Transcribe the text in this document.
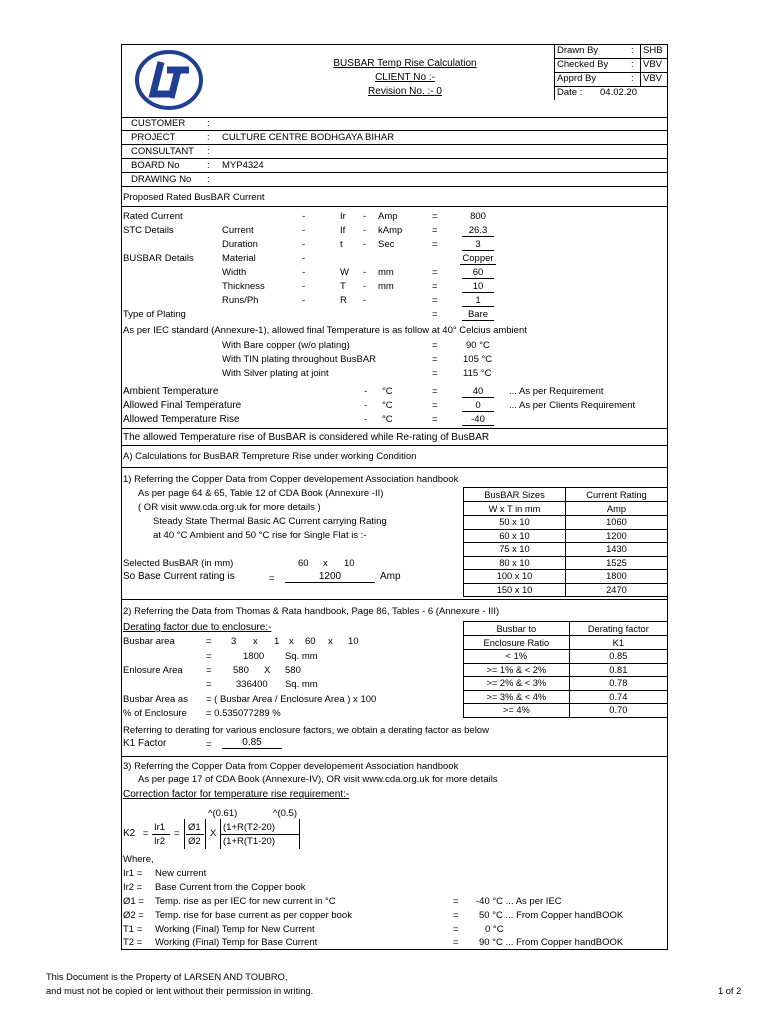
BUSBAR Temp Rise Calculation
CLIENT No :-
Revision No. :- 0
Drawn By	: SHB
Checked By : VBV
Apprd By	: VBV
Date : 04.02.20
CUSTOMER :
PROJECT	: CULTURE CENTRE BODHGAYA BIHAR
CONSULTANT :
BOARD No	: MYP4324
DRAWING No :
Proposed Rated BusBAR Current
Rated Current	-	Ir - Amp	=	800
STC Details	Current	-	If - kAmp	=	26.3
Duration	-	t - Sec	=	3
BUSBAR Details	Material	-	Copper
Width	-	W - mm	=	60
Thickness	-	T - mm	=	10
Runs/Ph	-	R -	=	1
Type of Plating	=	Bare
As per IEC standard (Annexure-1), allowed final Temperature is as follow at 40° Celcius ambient
With Bare copper (w/o plating)	=	90 °C
With TIN plating throughout BusBAR	=	105 °C
With Silver plating at joint	=	115 °C
Ambient Temperature	- °C	=	40	... As per Requirement
Allowed Final Temperature	- °C	=	0	... As per Clients Requirement
Allowed Temperature Rise	- °C	=	-40
The allowed Temperature rise of BusBAR is considered while Re-rating of BusBAR
A) Calculations for BusBAR Tempreture Rise under working Condition
1) Referring the Copper Data from Copper developement Association handbook
As per page 64 & 65, Table 12 of CDA Book (Annexure -II)
( OR visit www.cda.org.uk for more details )
Steady State Thermal Basic AC Current carrying Rating
at 40 °C Ambient and 50 °C rise for Single Flat is :-
Selected BusBAR (in mm)	60 x 10
So Base Current rating is	=	1200	Amp
BusBAR Sizes	Current Rating
W x T in mm	Amp
50 x 10	1060
60 x 10	1200
75 x 10	1430
80 x 10	1525
100 x 10	1800
150 x 10	2470
2) Referring the Data from Thomas & Rata handbook, Page 86, Tables - 6 (Annexure - III)
Derating factor due to enclosure:-
Busbar area	= 3 x 1 x 60 x 10
=	1800 Sq. mm
Enlosure Area = 580 X 580
=	336400 Sq. mm
Busbar Area as = ( Busbar Area / Enclosure Area ) x 100
% of Enclosure = 0.535077289 %
Busbar to	Derating factor
Enclosure Ratio	K1
< 1%	0.85
>= 1% & < 2%	0.81
>= 2% & < 3%	0.78
>= 3% & < 4%	0.74
>= 4%	0.70
Referring to derating for various enclosure factors, we obtain a derating factor as below
K1 Factor	=	0.85
3) Referring the Copper Data from Copper developement Association handbook
As per page 17 of CDA Book (Annexure-IV), OR visit www.cda.org.uk for more details
Correction factor for temperature rise requirement:-
^(0.61)	^(0.5)
K2 =
Ir1
Ir2
=
Ø1
Ø2
X
(1+R(T2-20)
(1+R(T1-20)
Where,
Ir1 = New current
Ir2 = Base Current from the Copper book
Ø1 = Temp. rise as per IEC for new current in °C	= -40 °C ... As per IEC
Ø2 = Temp. rise for base current as per copper book	= 50 °C ... From Copper handBOOK
T1 = Working (Final) Temp for New Current	=	0 °C
T2 = Working (Final) Temp for Base Current	= 90 °C ... From Copper handBOOK
This Document is the Property of LARSEN AND TOUBRO,
and must not be copied or lent without their permission in writing.	1 of 2
